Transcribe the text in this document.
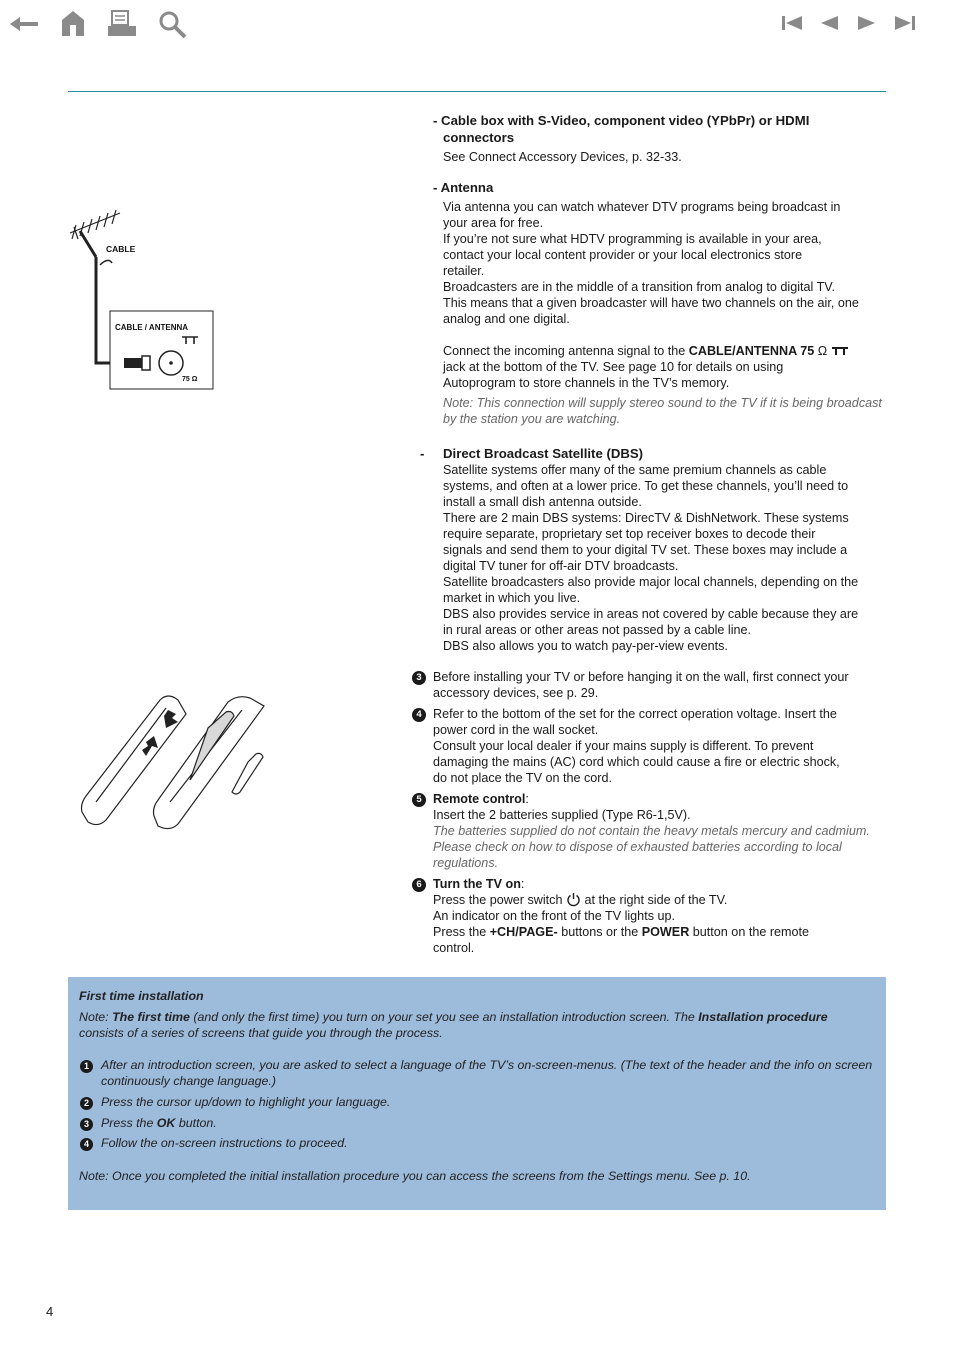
CABLE
CABLE / ANTENNA
75 Ω

- Cable box with S-Video, component video (YPbPr) or HDMI

connectors

See Connect Accessory Devices, p. 32-33.

- Antenna

Via antenna you can watch whatever DTV programs being broadcast in

your area for free.

If you’re not sure what HDTV programming is available in your area,

contact your local content provider or your local electronics store

retailer.

Broadcasters are in the middle of a transition from analog to digital TV.

This means that a given broadcaster will have two channels on the air, one

analog and one digital.

Connect the incoming antenna signal to the CABLE/ANTENNA 75 Ω

jack at the bottom of the TV. See page 10 for details on using

Autoprogram to store channels in the TV’s memory.

Note: This connection will supply stereo sound to the TV if it is being broadcast

by the station you are watching.

- Direct Broadcast Satellite (DBS)

Satellite systems offer many of the same premium channels as cable

systems, and often at a lower price. To get these channels, you’ll need to

install a small dish antenna outside.

There are 2 main DBS systems: DirecTV & DishNetwork. These systems

require separate, proprietary set top receiver boxes to decode their

signals and send them to your digital TV set. These boxes may include a

digital TV tuner for off-air DTV broadcasts.

Satellite broadcasters also provide major local channels, depending on the

market in which you live.

DBS also provides service in areas not covered by cable because they are

in rural areas or other areas not passed by a cable line.

DBS also allows you to watch pay-per-view events.

3 Before installing your TV or before hanging it on the wall, first connect your

accessory devices, see p. 29.

4 Refer to the bottom of the set for the correct operation voltage. Insert the

power cord in the wall socket.

Consult your local dealer if your mains supply is different. To prevent

damaging the mains (AC) cord which could cause a fire or electric shock,

do not place the TV on the cord.

5 Remote control:

Insert the 2 batteries supplied (Type R6-1,5V).

The batteries supplied do not contain the heavy metals mercury and cadmium.

Please check on how to dispose of exhausted batteries according to local

regulations.

6 Turn the TV on:

Press the power switch at the right side of the TV.

An indicator on the front of the TV lights up.

Press the +CH/PAGE- buttons or the POWER button on the remote

control.

First time installation
Note: The first time (and only the first time) you turn on your set you see an installation introduction screen. The Installation procedure
consists of a series of screens that guide you through the process.
1 After an introduction screen, you are asked to select a language of the TV’s on-screen-menus. (The text of the header and the info on screen
continuously change language.)
2 Press the cursor up/down to highlight your language.
3 Press the OK button.
4 Follow the on-screen instructions to proceed.
Note: Once you completed the initial installation procedure you can access the screens from the Settings menu. See p. 10.
4
